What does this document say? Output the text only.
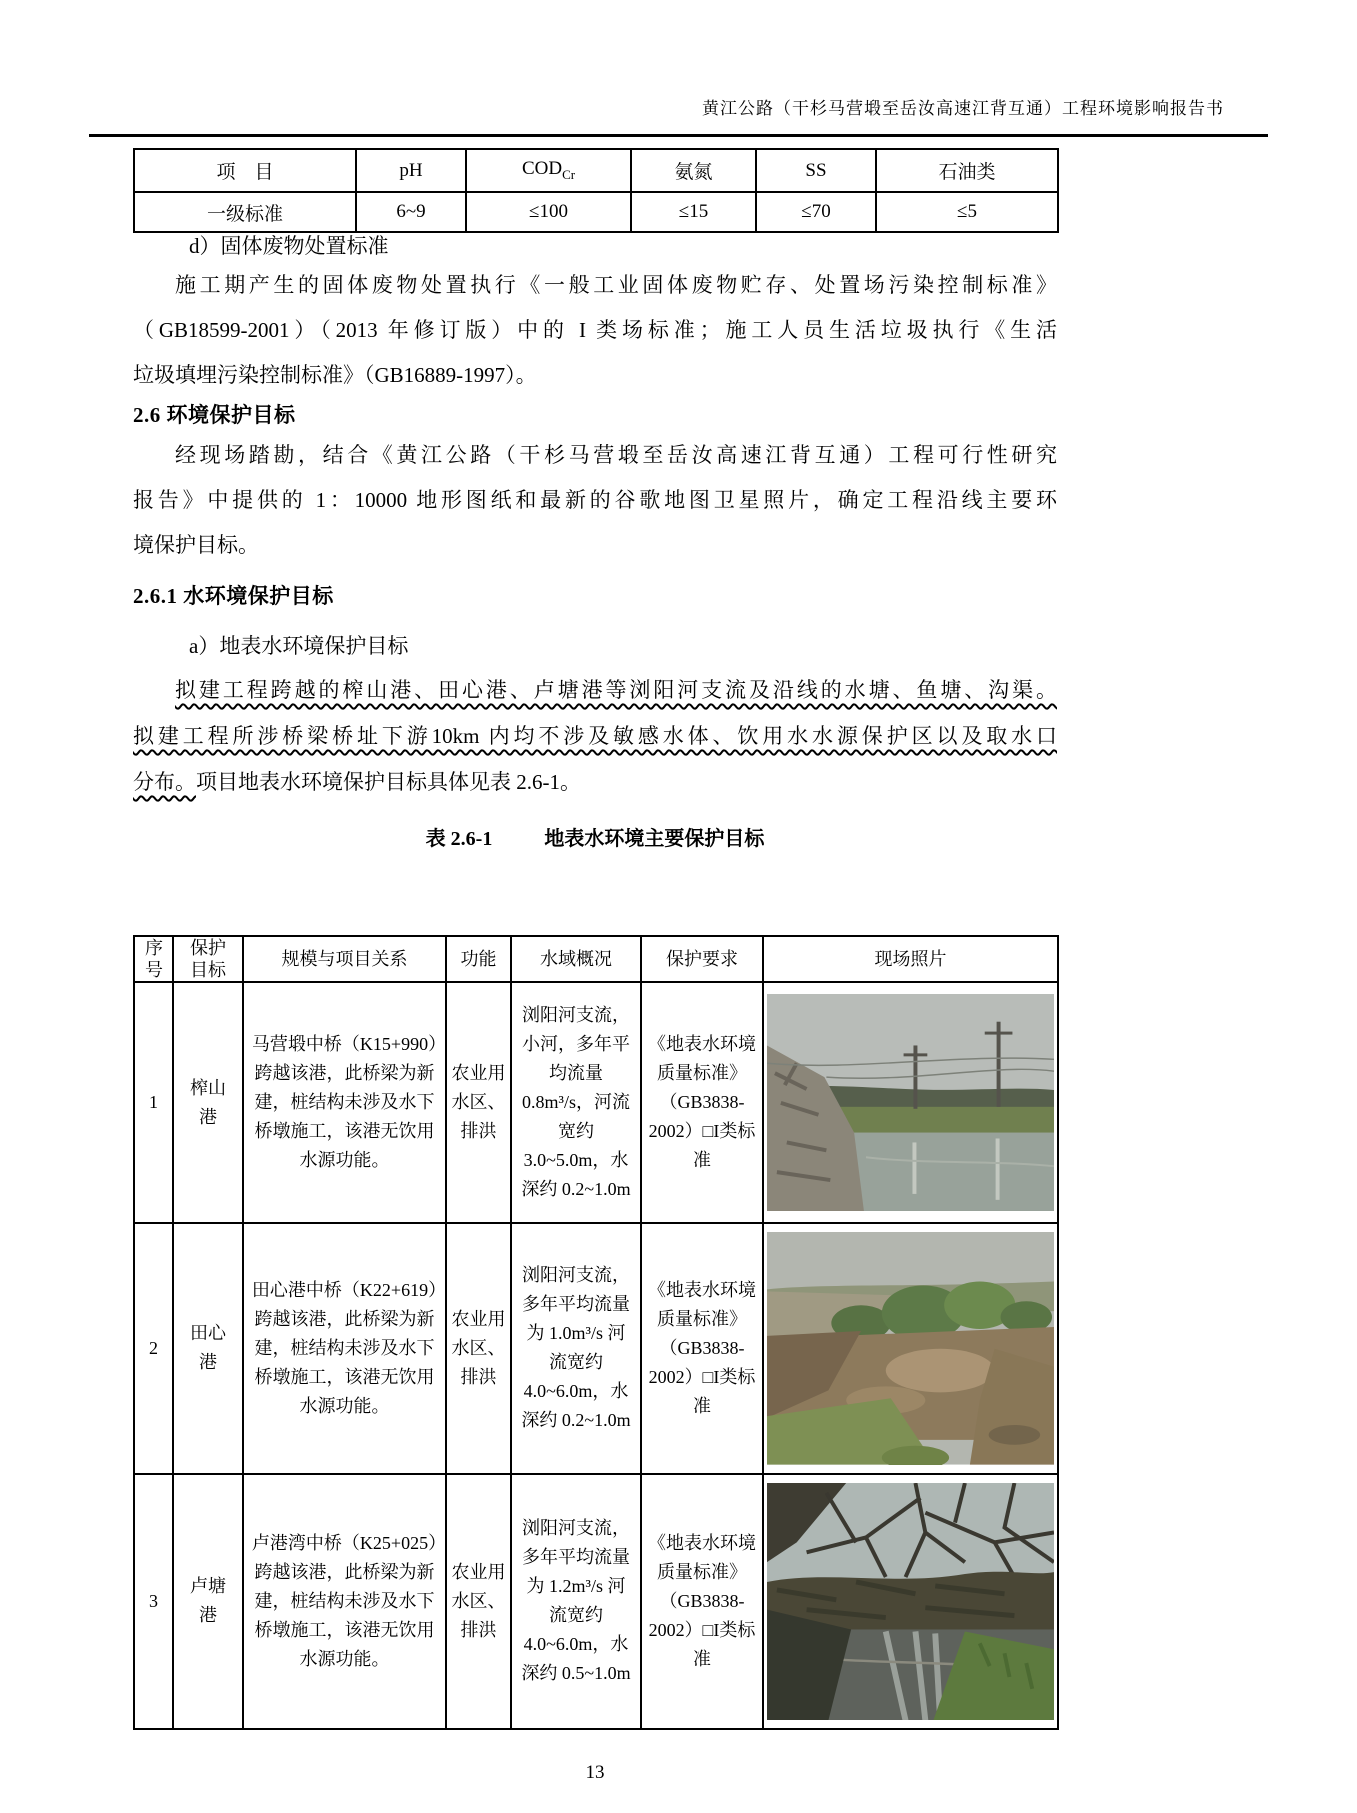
黄江公路（干杉马营塅至岳汝高速江背互通）工程环境影响报告书
项　目	pH	$COD_{Cr}$	氨氮	SS	石油类
一级标准	6~9	≤100	≤15	≤70	≤5
d）固体废物处置标准
施工期产生的固体废物处置执行《一般工业固体废物贮存、处置场污染控制标准》
（GB18599-2001）（2013 年修订版）中的 I 类场标准；施工人员生活垃圾执行《生活
垃圾填埋污染控制标准》（GB16889-1997）。
2.6 环境保护目标
经现场踏勘，结合《黄江公路（干杉马营塅至岳汝高速江背互通）工程可行性研究
报告》中提供的 1：10000 地形图纸和最新的谷歌地图卫星照片，确定工程沿线主要环
境保护目标。
2.6.1 水环境保护目标
a）地表水环境保护目标
拟建工程跨越的榨山港、田心港、卢塘港等浏阳河支流及沿线的水塘、鱼塘、沟渠。
拟建工程所涉桥梁桥址下游10km 内均不涉及敏感水体、饮用水水源保护区以及取水口
分布。项目地表水环境保护目标具体见表 2.6-1。
表 2.6-1	地表水环境主要保护目标
序号	保护目标	规模与项目关系	功能	水域概况	保护要求	现场照片
1	榨山港	马营塅中桥（K15+990）跨越该港，此桥梁为新建，桩结构未涉及水下桥墩施工，该港无饮用水源功能。	农业用水区、排洪	浏阳河支流，小河，多年平均流量 0.8m³/s，河流宽约 3.0~5.0m，水深约 0.2~1.0m	《地表水环境质量标准》（GB3838-2002）□I类标准	

2	田心港	田心港中桥（K22+619）跨越该港，此桥梁为新建，桩结构未涉及水下桥墩施工，该港无饮用水源功能。	农业用水区、排洪	浏阳河支流，多年平均流量为 1.0m³/s 河流宽约 4.0~6.0m，水深约 0.2~1.0m	《地表水环境质量标准》（GB3838-2002）□I类标准	

3	卢塘港	卢港湾中桥（K25+025）跨越该港，此桥梁为新建，桩结构未涉及水下桥墩施工，该港无饮用水源功能。	农业用水区、排洪	浏阳河支流，多年平均流量为 1.2m³/s 河流宽约 4.0~6.0m，水深约 0.5~1.0m	《地表水环境质量标准》（GB3838-2002）□I类标准	
13
